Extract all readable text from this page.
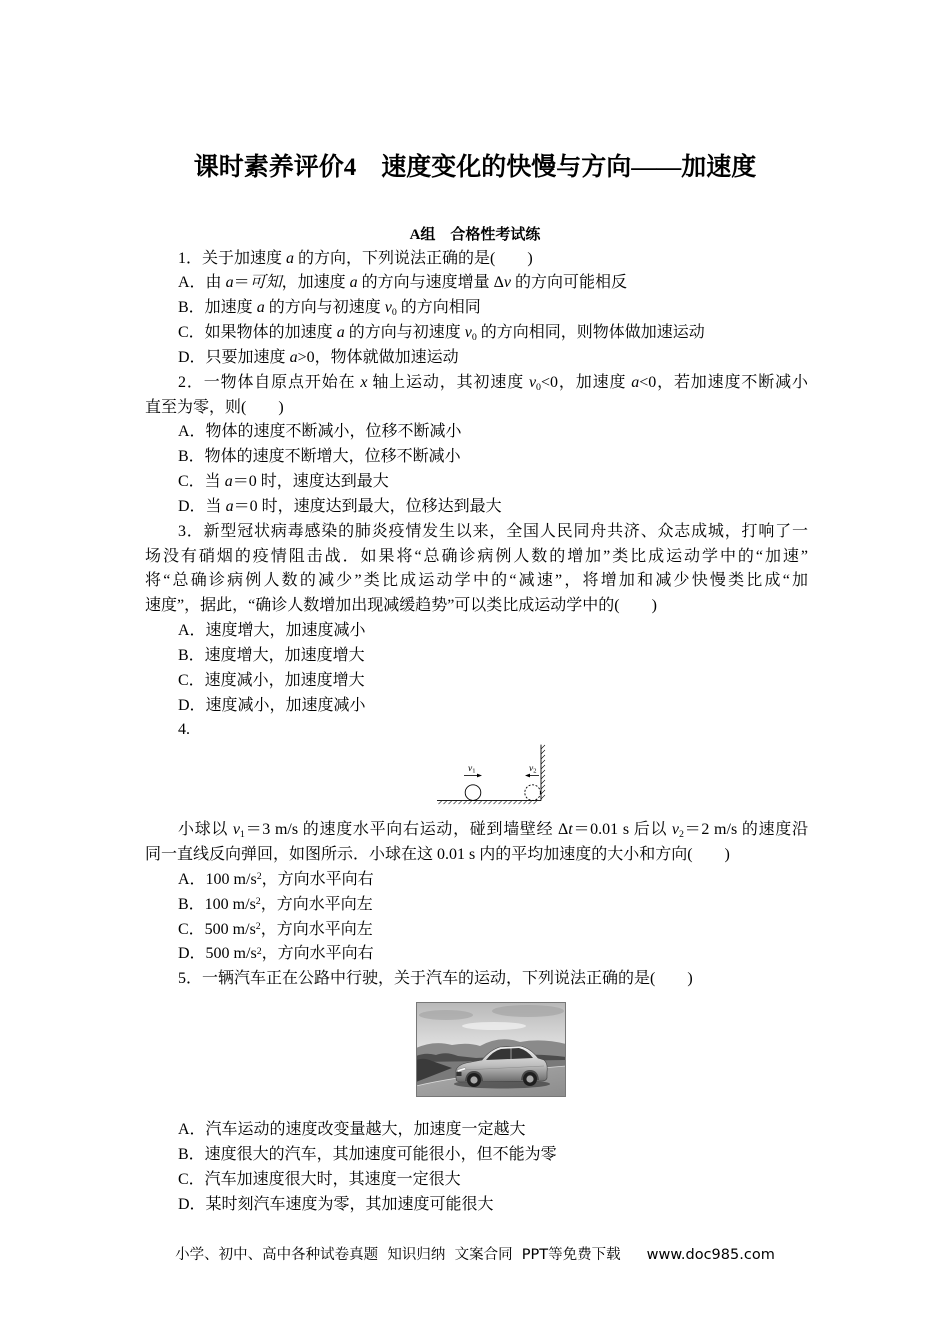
课时素养评价4　速度变化的快慢与方向——加速度
A组　合格性考试练
1．关于加速度 a 的方向，下列说法正确的是(　　)
A．由 a＝可知，加速度 a 的方向与速度增量 Δv 的方向可能相反
B．加速度 a 的方向与初速度 v0 的方向相同
C．如果物体的加速度 a 的方向与初速度 v0 的方向相同，则物体做加速运动
D．只要加速度 a>0，物体就做加速运动
2．一物体自原点开始在 x 轴上运动，其初速度 v0<0，加速度 a<0，若加速度不断减小
直至为零，则(　　)
A．物体的速度不断减小，位移不断减小
B．物体的速度不断增大，位移不断减小
C．当 a＝0 时，速度达到最大
D．当 a＝0 时，速度达到最大，位移达到最大
3．新型冠状病毒感染的肺炎疫情发生以来，全国人民同舟共济、众志成城，打响了一
场没有硝烟的疫情阻击战．如果将“总确诊病例人数的增加”类比成运动学中的“加速”
将“总确诊病例人数的减少”类比成运动学中的“减速”，将增加和减少快慢类比成“加
速度”，据此，“确诊人数增加出现减缓趋势”可以类比成运动学中的(　　)
A．速度增大，加速度减小
B．速度增大，加速度增大
C．速度减小，加速度增大
D．速度减小，加速度减小
4.
v1	v2
小球以 v1＝3 m/s 的速度水平向右运动，碰到墙壁经 Δt＝0.01 s 后以 v2＝2 m/s 的速度沿
同一直线反向弹回，如图所示．小球在这 0.01 s 内的平均加速度的大小和方向(　　)
A．100 $m/s^2$，方向水平向右
B．100 $m/s^2$，方向水平向左
C．500 $m/s^2$，方向水平向左
D．500 $m/s^2$，方向水平向右
5．一辆汽车正在公路中行驶，关于汽车的运动，下列说法正确的是(　　)
A．汽车运动的速度改变量越大，加速度一定越大
B．速度很大的汽车，其加速度可能很小，但不能为零
C．汽车加速度很大时，其速度一定很大
D．某时刻汽车速度为零，其加速度可能很大
小学、初中、高中各种试卷真题  知识归纳  文案合同  PPT等免费下载 www.doc985.com
